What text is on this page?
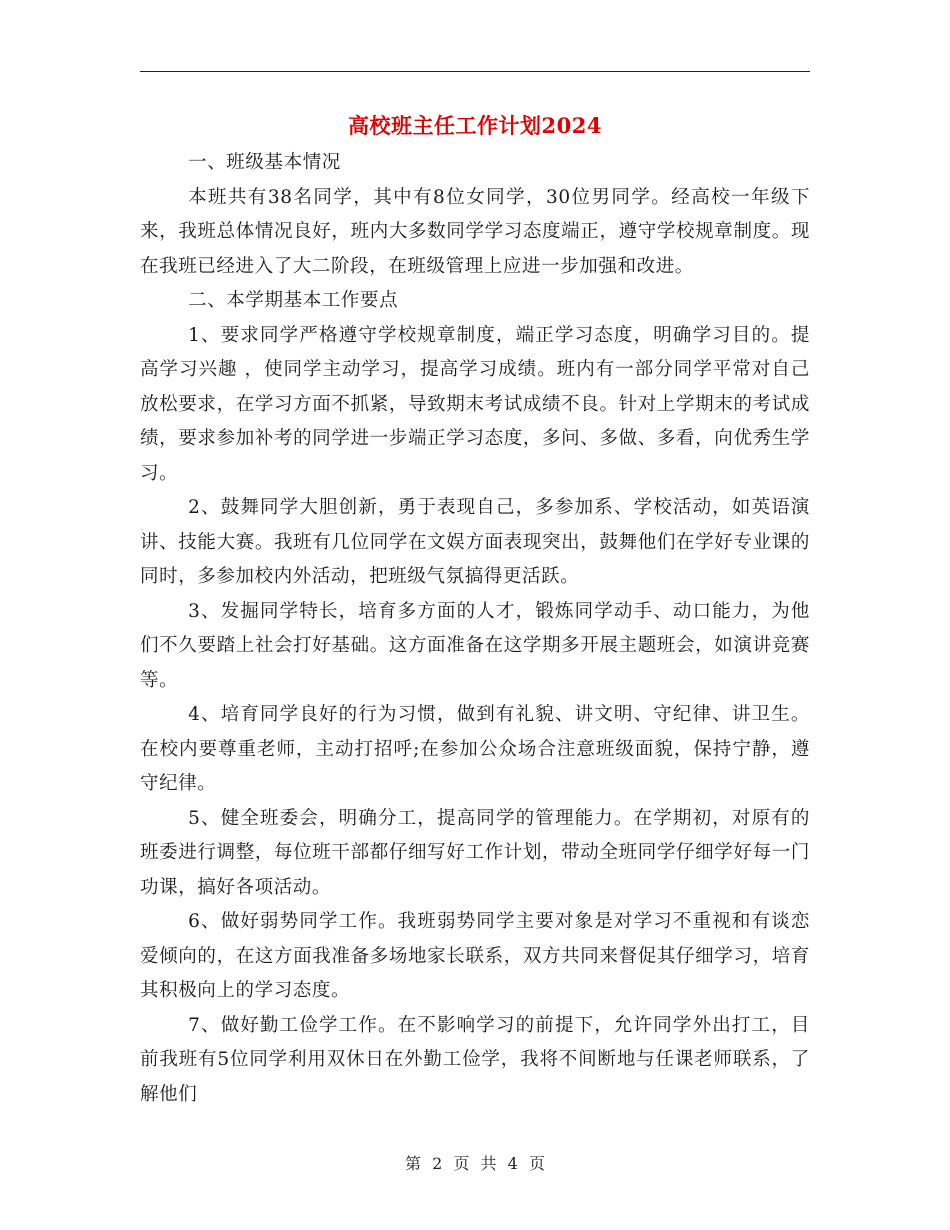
高校班主任工作计划2024

一、班级基本情况

本班共有38名同学，其中有8位女同学，30位男同学。经高校一年级下来，我班总体情况良好，班内大多数同学学习态度端正，遵守学校规章制度。现在我班已经进入了大二阶段，在班级管理上应进一步加强和改进。

二、本学期基本工作要点

1、要求同学严格遵守学校规章制度，端正学习态度，明确学习目的。提高学习兴趣 ，使同学主动学习，提高学习成绩。班内有一部分同学平常对自己放松要求，在学习方面不抓紧，导致期末考试成绩不良。针对上学期末的考试成绩，要求参加补考的同学进一步端正学习态度，多问、多做、多看，向优秀生学习。

2、鼓舞同学大胆创新，勇于表现自己，多参加系、学校活动，如英语演讲、技能大赛。我班有几位同学在文娱方面表现突出，鼓舞他们在学好专业课的同时，多参加校内外活动，把班级气氛搞得更活跃。

3、发掘同学特长，培育多方面的人才，锻炼同学动手、动口能力，为他们不久要踏上社会打好基础。这方面准备在这学期多开展主题班会，如演讲竞赛等。

4、培育同学良好的行为习惯，做到有礼貌、讲文明、守纪律、讲卫生。在校内要尊重老师，主动打招呼;在参加公众场合注意班级面貌，保持宁静，遵守纪律。

5、健全班委会，明确分工，提高同学的管理能力。在学期初，对原有的班委进行调整，每位班干部都仔细写好工作计划，带动全班同学仔细学好每一门功课，搞好各项活动。

6、做好弱势同学工作。我班弱势同学主要对象是对学习不重视和有谈恋爱倾向的，在这方面我准备多场地家长联系，双方共同来督促其仔细学习，培育其积极向上的学习态度。

7、做好勤工俭学工作。在不影响学习的前提下，允许同学外出打工，目前我班有5位同学利用双休日在外勤工俭学，我将不间断地与任课老师联系，了解他们

第 2 页 共 4 页
